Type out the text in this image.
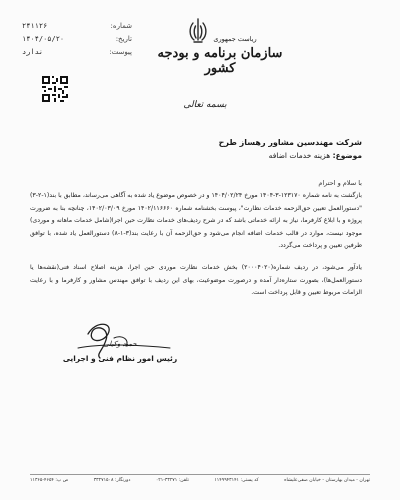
۲۴۱۱۲۶	شماره:
۱۴۰۴/۰۵/۲۰	تاریخ:
ندارد	پیوست:
ریاست جمهوری
سازمان برنامه و بودجه کشور
بسمه تعالی
شرکت مهندسین مشاور رهساز طرح
موضوع: هزینه خدمات اضافه
با سلام و احترام
بازگشت به نامه شماره ۱۲۳۱۷۰-۳-۱۴۰۴ مورخ ۱۴۰۴/۰۲/۲۴ و در خصوص موضوع یاد شده به آگاهی می‌رساند، مطابق با بند(۱-۲-۳) "دستورالعمل تعیین حق‌الزحمه خدمات نظارت"، پیوست بخشنامه شماره ۱۴۰۲/۱۱۶۶۶۰ مورخ ۱۴۰۲/۰۳/۰۹، چنانچه بنا به ضرورت پروژه و با ابلاغ کارفرما، نیاز به ارائه خدماتی باشد که در شرح ردیف‌های خدمات نظارت حین اجرا(شامل خدمات ماهانه و موردی) موجود نیست، موارد در قالب خدمات اضافه انجام می‌شود و حق‌الزحمه آن با رعایت بند(۳-۱-۸) دستورالعمل یاد شده، با توافق طرفین تعیین و پرداخت می‌گردد.
یادآور می‌شود، در ردیف شماره(۲۰۰۰۴۰۲۰) بخش خدمات نظارت موردی حین اجرا، هزینه اصلاح اسناد فنی(نقشه‌ها یا دستورالعمل‌ها)، بصورت ستاره‌دار آمده و درصورت موضوعیت، بهای این ردیف با توافق مهندس مشاور و کارفرما و با رعایت الزامات مربوط تعیین و قابل پرداخت است.
حمید وکیلی
رئیس امور نظام فنی و اجرایی
تهران - میدان بهارستان - خیابان صفی‌علیشاه
کد پستی: ۱۱۴۹۹۴۳۱۴۱
تلفن: ۳۳۲۷۱-۰۲۱
دورنگار: ۳۳۲۷۱۵۰۸
ص پ: ۴۶۵۴-۱۱۳۶۵
